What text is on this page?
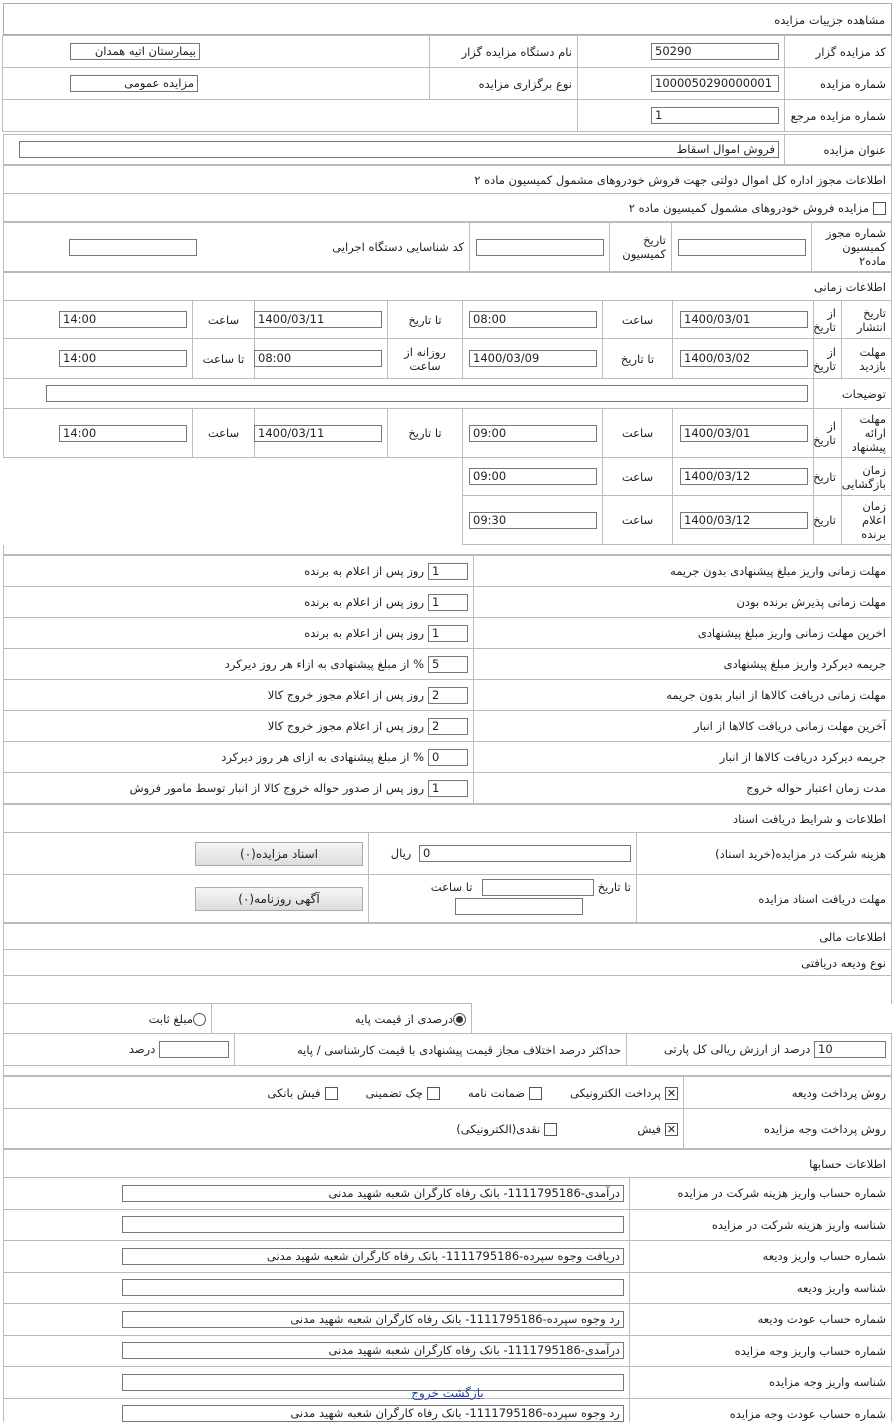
مشاهده جزییات مزایده
کد مزایده گزار	50290	نام دستگاه مزایده گزار	بیمارستان اتیه همدان

شماره مزایده	1000050290000001	نوع برگزاری مزایده	مزایده عمومی

شماره مزایده مرجع	1		
عنوان مزایده	فروش اموال اسقاط
اطلاعات مجوز اداره کل اموال دولتی جهت فروش خودروهای مشمول کمیسیون ماده ۲
مزایده فروش خودروهای مشمول کمیسیون ماده ۲
شماره مجوز کمیسیون ماده۲		تاریخ کمیسیون		کد شناسایی دستگاه اجرایی	
اطلاعات زمانی								
تاریخ انتشار	از تاریخ	1400/03/01	ساعت	08:00	تا تاریخ	1400/03/11	ساعت	14:00
مهلت بازدید	از تاریخ	1400/03/02	تا تاریخ	1400/03/09	روزانه از ساعت	08:00	تا ساعت	14:00
توضیحات								
مهلت ارائه پیشنهاد	از تاریخ	1400/03/01	ساعت	09:00	تا تاریخ	1400/03/11	ساعت	14:00
زمان بازگشایی	تاریخ	1400/03/12	ساعت	09:00				
زمان اعلام برنده	تاریخ	1400/03/12	ساعت	09:30				
مهلت زمانی واریز مبلغ پیشنهادی بدون جریمه	1روز پس از اعلام به برنده
مهلت زمانی پذیرش برنده بودن	1روز پس از اعلام به برنده
اخرین مهلت زمانی واریز مبلغ پیشنهادی	1روز پس از اعلام به برنده
جریمه دیرکرد واریز مبلغ پیشنهادی	5% از مبلغ پیشنهادی به ازاء هر روز دیرکرد
مهلت زمانی دریافت کالاها از انبار بدون جریمه	2روز پس از اعلام مجوز خروج کالا
آخرین مهلت زمانی دریافت کالاها از انبار	2روز پس از اعلام مجوز خروج کالا
جریمه دیرکرد دریافت کالاها از انبار	0% از مبلغ پیشنهادی به ازای هر روز دیرکرد
مدت زمان اعتبار حواله خروج	1روز پس از صدور حواله خروج کالا از انبار توسط مامور فروش
اطلاعات و شرایط دریافت اسناد		
هزینه شرکت در مزایده(خرید اسناد)	0 ریال	اسناد مزایده(۰)
مهلت دریافت اسناد مزایده	تا تاریخ  تا ساعت	آگهی روزنامه(۰)
اطلاعات مالی
نوع ودیعه دریافتی

	درصدی از قیمت پایه	مبلغ ثابت
10 درصد از ارزش ریالی کل پارتی	حداکثر درصد اختلاف مجاز قیمت پیشنهادی با قیمت کارشناسی / پایه	درصد
روش پرداخت ودیعه	✕پرداخت الکترونیکیضمانت نامهچک تضمینیفیش بانکی
روش پرداخت وجه مزایده	✕فیشنقدی(الکترونیکی)
اطلاعات حسابها	
شماره حساب واریز هزینه شرکت در مزایده	درآمدی-1111795186- بانک رفاه کارگران شعبه شهید مدنی
شناسه واریز هزینه شرکت در مزایده	
شماره حساب واریز ودیعه	دریافت وجوه سپرده-1111795186- بانک رفاه کارگران شعبه شهید مدنی
شناسه واریز ودیعه	
شماره حساب عودت ودیعه	رد وجوه سپرده-1111795186- بانک رفاه کارگران شعبه شهید مدنی
شماره حساب واریز وجه مزایده	درآمدی-1111795186- بانک رفاه کارگران شعبه شهید مدنی
شناسه واریز وجه مزایده	
شماره حساب عودت وجه مزایده	رد وجوه سپرده-1111795186- بانک رفاه کارگران شعبه شهید مدنی
بازگشت خروج
